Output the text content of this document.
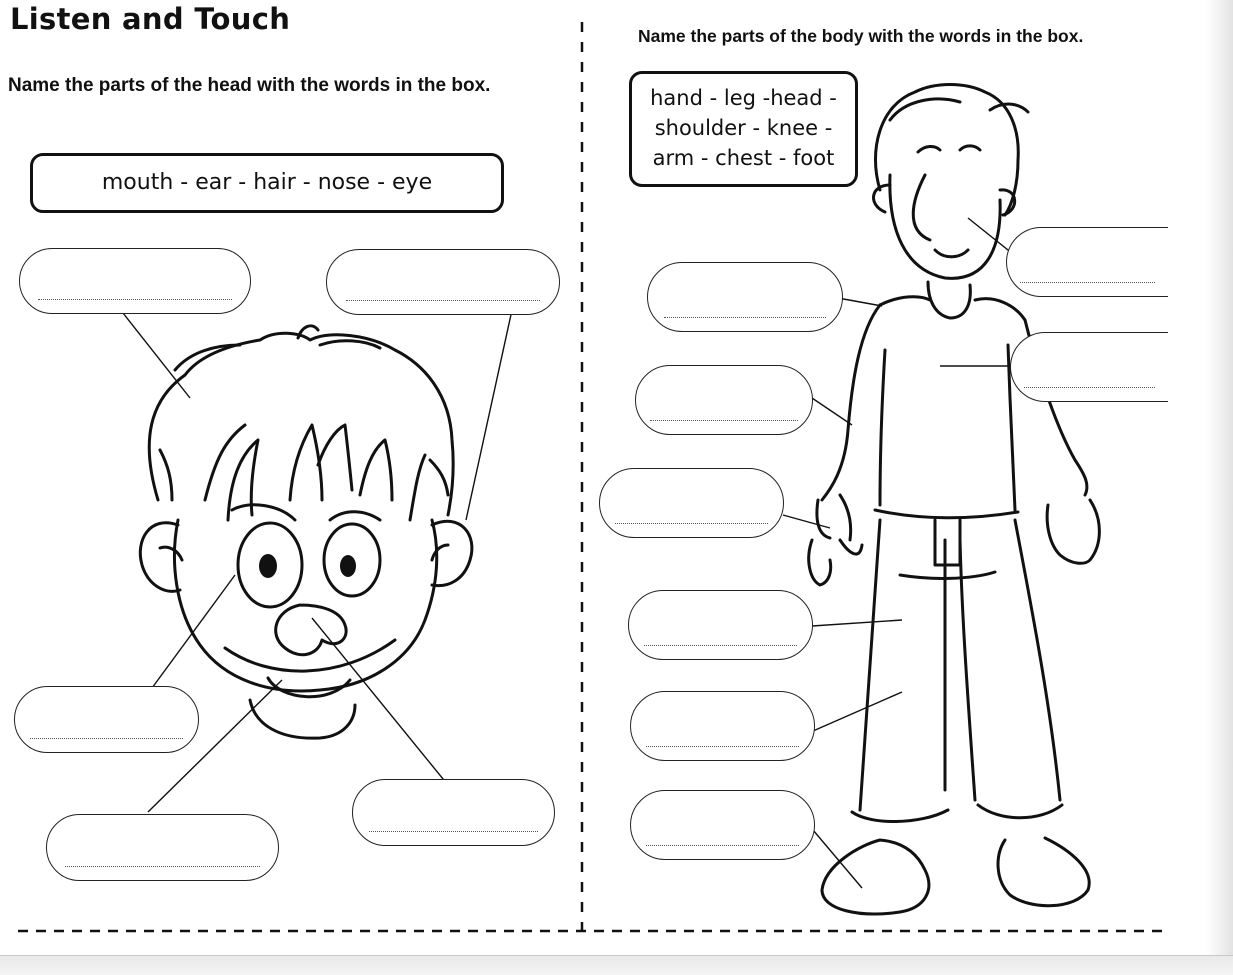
Listen and Touch
Name the parts of the head with the words in the box.
Name the parts of the body with the words in the box.
mouth - ear - hair - nose - eye
hand - leg -head -
shoulder - knee -
arm - chest - foot
